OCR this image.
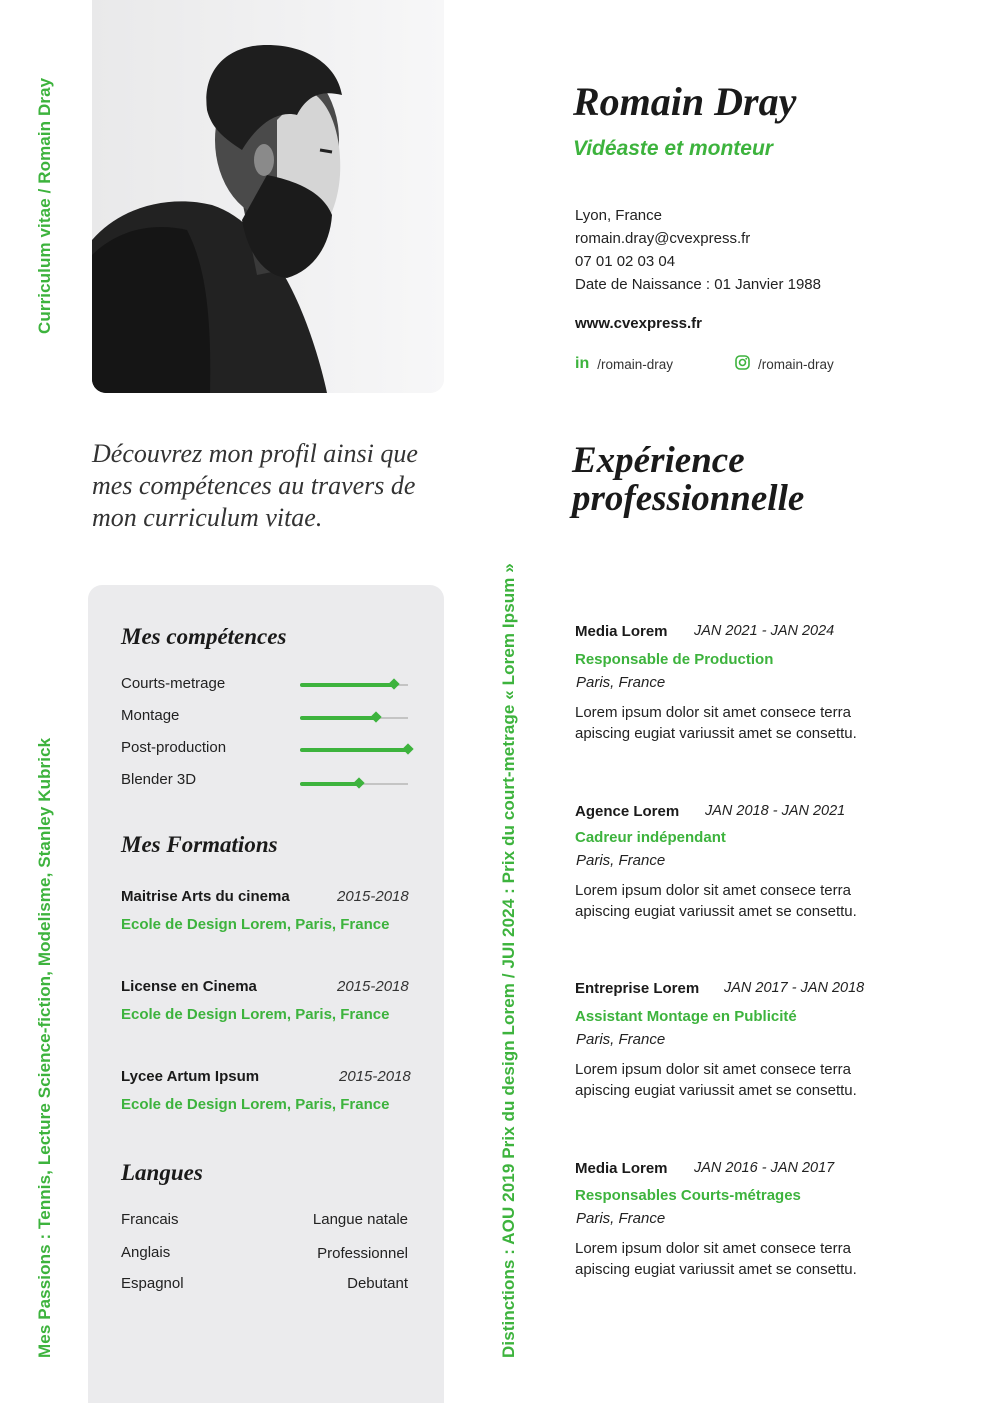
Curriculum vitae / Romain Dray
Mes Passions : Tennis, Lecture Science-fiction, Modelisme, Stanley Kubrick	Distinctions : AOU 2019 Prix du design Lorem / JUI 2024 : Prix du court-metrage « Lorem Ipsum »
Romain Dray
Vidéaste et monteur
Lyon, France
romain.dray@cvexpress.fr
07 01 02 03 04
Date de Naissance : 01 Janvier 1988
www.cvexpress.fr
in /romain-dray	/romain-dray
Découvrez mon profil ainsi que mes compétences au travers de mon curriculum vitae.
Expérience
professionnelle
Mes compétences
Courts-metrage
Montage
Post-production
Blender 3D
Mes Formations
Maitrise Arts du cinema	2015-2018
Ecole de Design Lorem, Paris, France
License en Cinema	2015-2018
Ecole de Design Lorem, Paris, France
Lycee Artum Ipsum	2015-2018
Ecole de Design Lorem, Paris, France
Langues
Francais	Langue natale
Anglais	Professionnel
Espagnol	Debutant
Media Lorem JAN 2021 - JAN 2024
Responsable de Production
Paris, France
Lorem ipsum dolor sit amet consece terra apiscing eugiat variussit amet se consettu.
Agence Lorem JAN 2018 - JAN 2021
Cadreur indépendant
Paris, France
Lorem ipsum dolor sit amet consece terra apiscing eugiat variussit amet se consettu.
Entreprise Lorem JAN 2017 - JAN 2018
Assistant Montage en Publicité
Paris, France
Lorem ipsum dolor sit amet consece terra apiscing eugiat variussit amet se consettu.
Media Lorem JAN 2016 - JAN 2017
Responsables Courts-métrages
Paris, France
Lorem ipsum dolor sit amet consece terra apiscing eugiat variussit amet se consettu.
